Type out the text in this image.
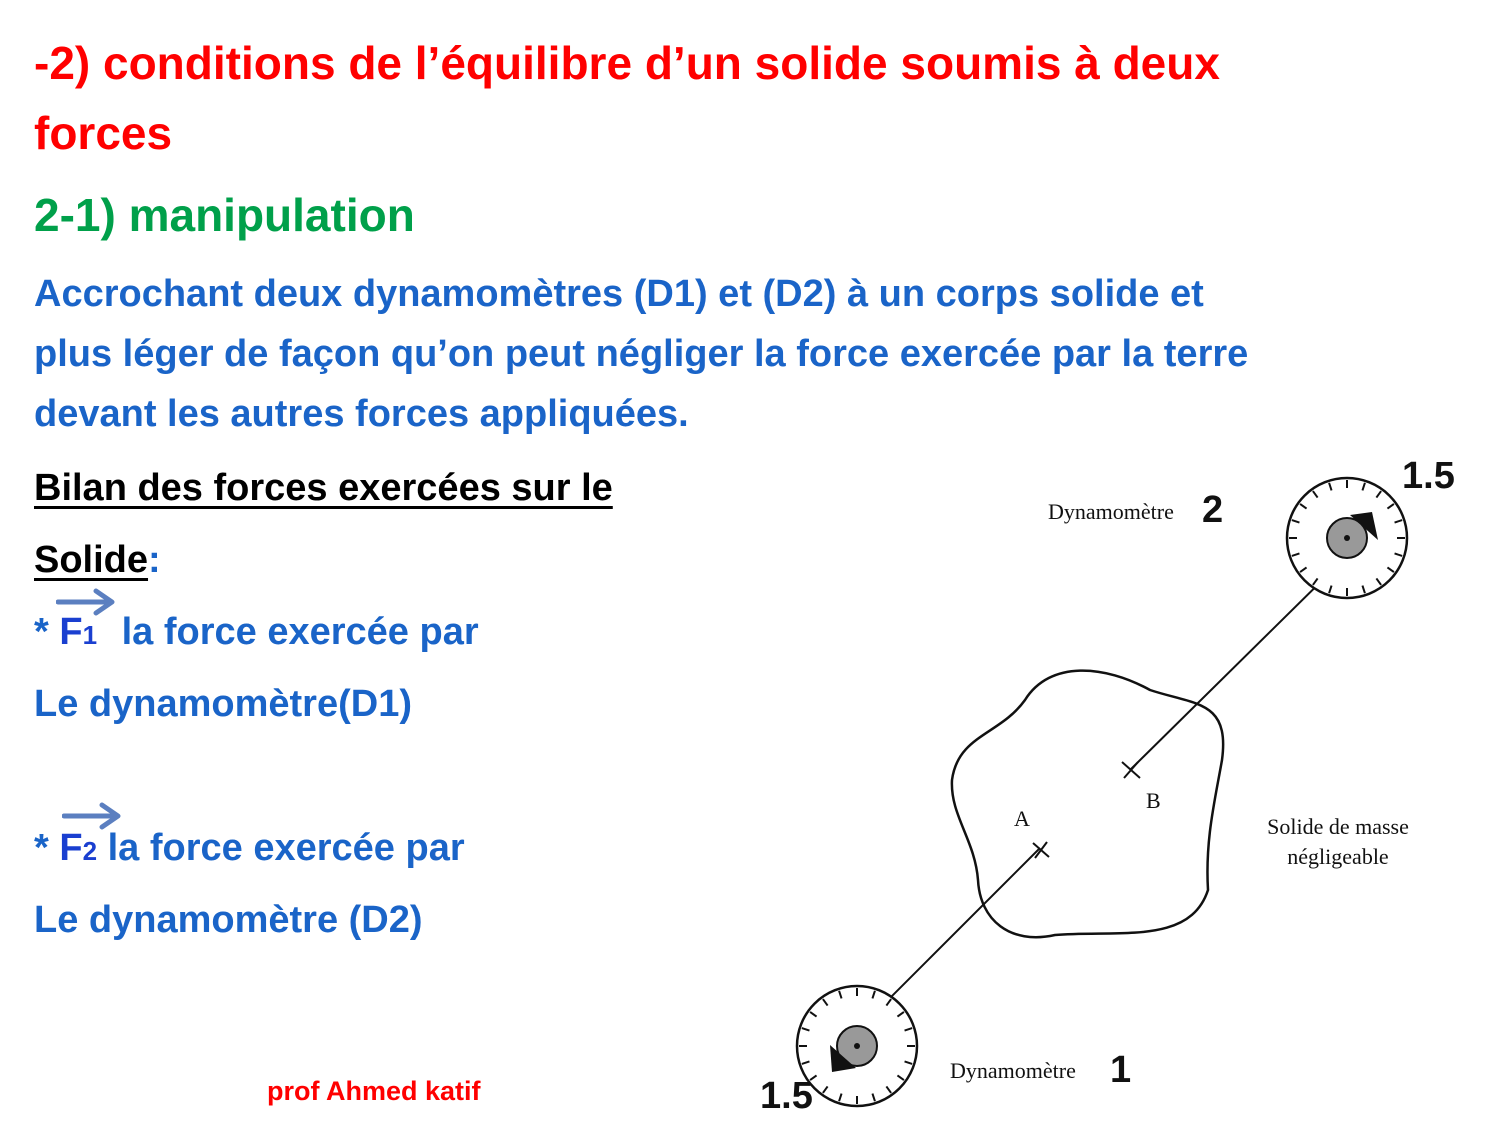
-2) conditions de l’équilibre d’un solide soumis à deux
forces
2-1) manipulation
Accrochant deux dynamomètres (D1) et (D2) à un corps solide et
plus léger de façon qu’on peut négliger la force exercée par la terre
devant les autres forces appliquées.
Bilan des forces exercées sur le
Solide:
* F1 la force exercée par
Le dynamomètre(D1)
* F2 la force exercée par
Le dynamomètre (D2)
prof Ahmed katif
B
A	Solide de masse
négligeable
Dynamomètre 2
1.5
Dynamomètre 1
1.5
